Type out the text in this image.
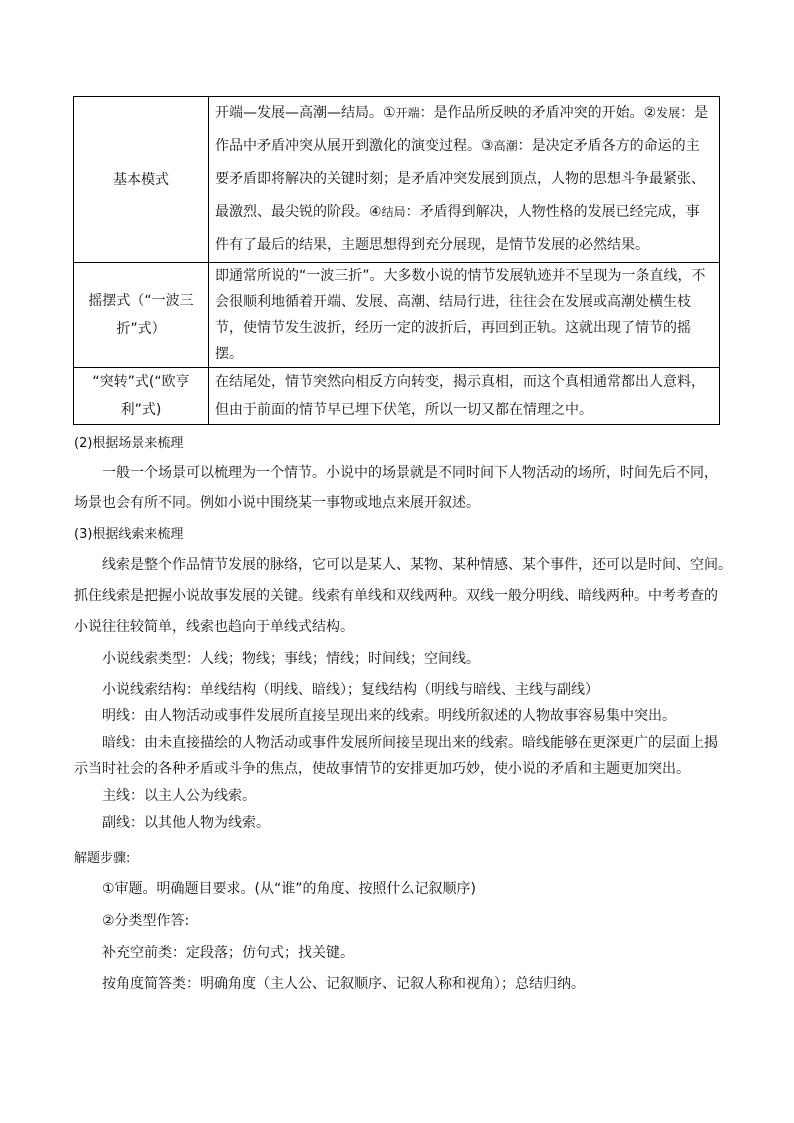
基本模式	开端—发展—高潮—结局。①开端：是作品所反映的矛盾冲突的开始。②发展：是作品中矛盾冲突从展开到激化的演变过程。③高潮：是决定矛盾各方的命运的主要矛盾即将解决的关键时刻；是矛盾冲突发展到顶点，人物的思想斗争最紧张、最激烈、最尖锐的阶段。④结局：矛盾得到解决，人物性格的发展已经完成，事件有了最后的结果，主题思想得到充分展现，是情节发展的必然结果。
摇摆式（“一波三折”式）	即通常所说的“一波三折”。大多数小说的情节发展轨迹并不呈现为一条直线，不会很顺利地循着开端、发展、高潮、结局行进，往往会在发展或高潮处横生枝节，使情节发生波折，经历一定的波折后，再回到正轨。这就出现了情节的摇摆。
“突转”式(“欧亨利”式)	在结尾处，情节突然向相反方向转变，揭示真相，而这个真相通常都出人意料，但由于前面的情节早已埋下伏笔，所以一切又都在情理之中。
(2)根据场景来梳理
一般一个场景可以梳理为一个情节。小说中的场景就是不同时间下人物活动的场所，时间先后不同，
场景也会有所不同。例如小说中围绕某一事物或地点来展开叙述。
(3)根据线索来梳理
线索是整个作品情节发展的脉络，它可以是某人、某物、某种情感、某个事件，还可以是时间、空间。
抓住线索是把握小说故事发展的关键。线索有单线和双线两种。双线一般分明线、暗线两种。中考考查的
小说往往较简单，线索也趋向于单线式结构。
小说线索类型：人线；物线；事线；情线；时间线；空间线。
小说线索结构：单线结构（明线、暗线）；复线结构（明线与暗线、主线与副线）
明线：由人物活动或事件发展所直接呈现出来的线索。明线所叙述的人物故事容易集中突出。
暗线：由未直接描绘的人物活动或事件发展所间接呈现出来的线索。暗线能够在更深更广的层面上揭
示当时社会的各种矛盾或斗争的焦点，使故事情节的安排更加巧妙，使小说的矛盾和主题更加突出。
主线：以主人公为线索。
副线：以其他人物为线索。
解题步骤:
①审题。明确题目要求。(从“谁”的角度、按照什么记叙顺序)
②分类型作答:
补充空前类：定段落；仿句式；找关键。
按角度简答类：明确角度（主人公、记叙顺序、记叙人称和视角）；总结归纳。
